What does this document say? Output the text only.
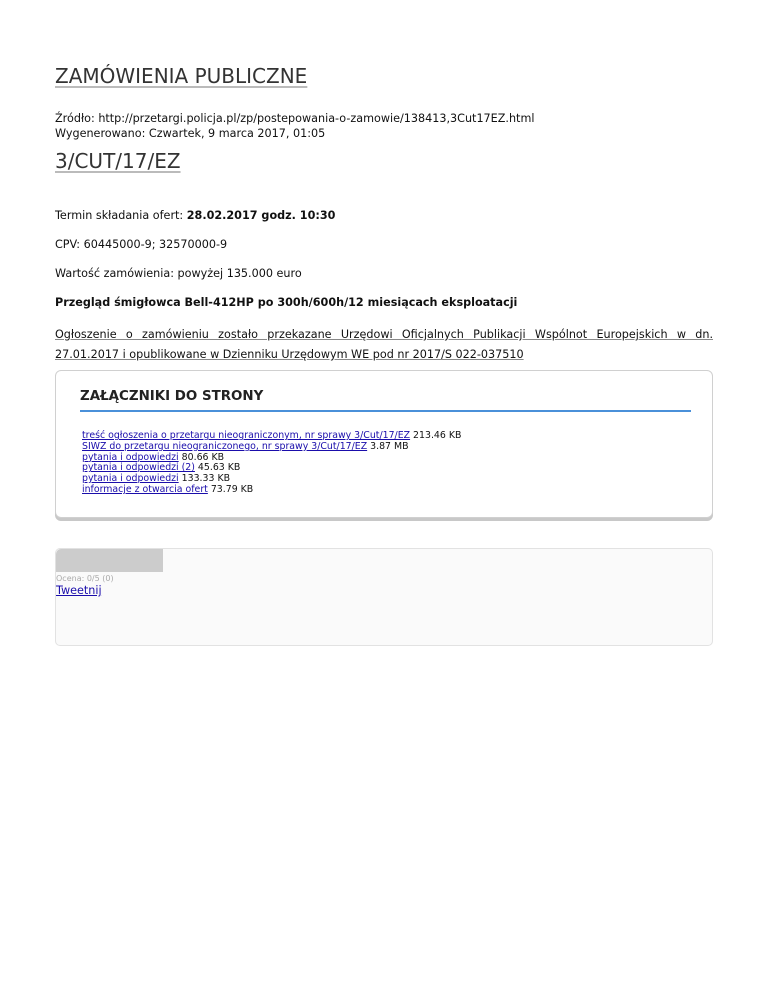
ZAMÓWIENIA PUBLICZNE
Źródło: http://przetargi.policja.pl/zp/postepowania-o-zamowie/138413,3Cut17EZ.html
Wygenerowano: Czwartek, 9 marca 2017, 01:05
3/CUT/17/EZ
Termin składania ofert: 28.02.2017 godz. 10:30
CPV: 60445000-9; 32570000-9
Wartość zamówienia: powyżej 135.000 euro
Przegląd śmigłowca Bell-412HP po 300h/600h/12 miesiącach eksploatacji
Ogłoszenie o zamówieniu zostało przekazane Urzędowi Oficjalnych Publikacji Wspólnot Europejskich w dn. 27.01.2017 i opublikowane w Dzienniku Urzędowym WE pod nr 2017/S 022-037510
ZAŁĄCZNIKI DO STRONY
treść ogłoszenia o przetargu nieograniczonym, nr sprawy 3/Cut/17/EZ 213.46 KB
SIWZ do przetargu nieograniczonego, nr sprawy 3/Cut/17/EZ 3.87 MB
pytania i odpowiedzi 80.66 KB
pytania i odpowiedzi (2) 45.63 KB
pytania i odpowiedzi 133.33 KB
informacje z otwarcia ofert 73.79 KB
Ocena: 0/5 (0)
Tweetnij
